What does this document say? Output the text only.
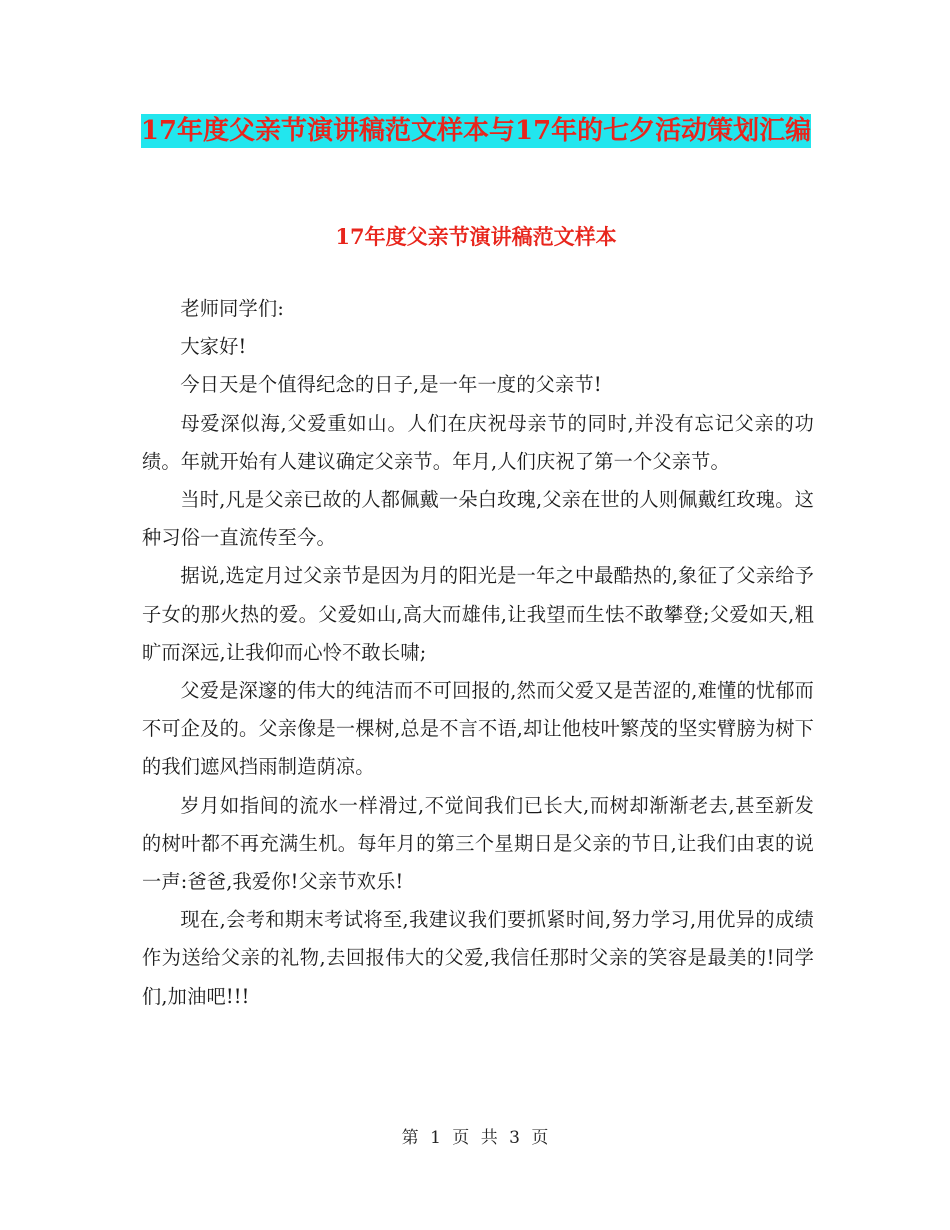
17年度父亲节演讲稿范文样本与17年的七夕活动策划汇编
17年度父亲节演讲稿范文样本

老师同学们:

大家好!

今日天是个值得纪念的日子,是一年一度的父亲节!

母爱深似海,父爱重如山。人们在庆祝母亲节的同时,并没有忘记父亲的功绩。年就开始有人建议确定父亲节。年月,人们庆祝了第一个父亲节。

当时,凡是父亲已故的人都佩戴一朵白玫瑰,父亲在世的人则佩戴红玫瑰。这种习俗一直流传至今。

据说,选定月过父亲节是因为月的阳光是一年之中最酷热的,象征了父亲给予子女的那火热的爱。父爱如山,高大而雄伟,让我望而生怯不敢攀登;父爱如天,粗旷而深远,让我仰而心怜不敢长啸;

父爱是深邃的伟大的纯洁而不可回报的,然而父爱又是苦涩的,难懂的忧郁而不可企及的。父亲像是一棵树,总是不言不语,却让他枝叶繁茂的坚实臂膀为树下的我们遮风挡雨制造荫凉。

岁月如指间的流水一样滑过,不觉间我们已长大,而树却渐渐老去,甚至新发的树叶都不再充满生机。每年月的第三个星期日是父亲的节日,让我们由衷的说一声:爸爸,我爱你!父亲节欢乐!

现在,会考和期末考试将至,我建议我们要抓紧时间,努力学习,用优异的成绩作为送给父亲的礼物,去回报伟大的父爱,我信任那时父亲的笑容是最美的!同学们,加油吧!!!

第 1 页 共 3 页
